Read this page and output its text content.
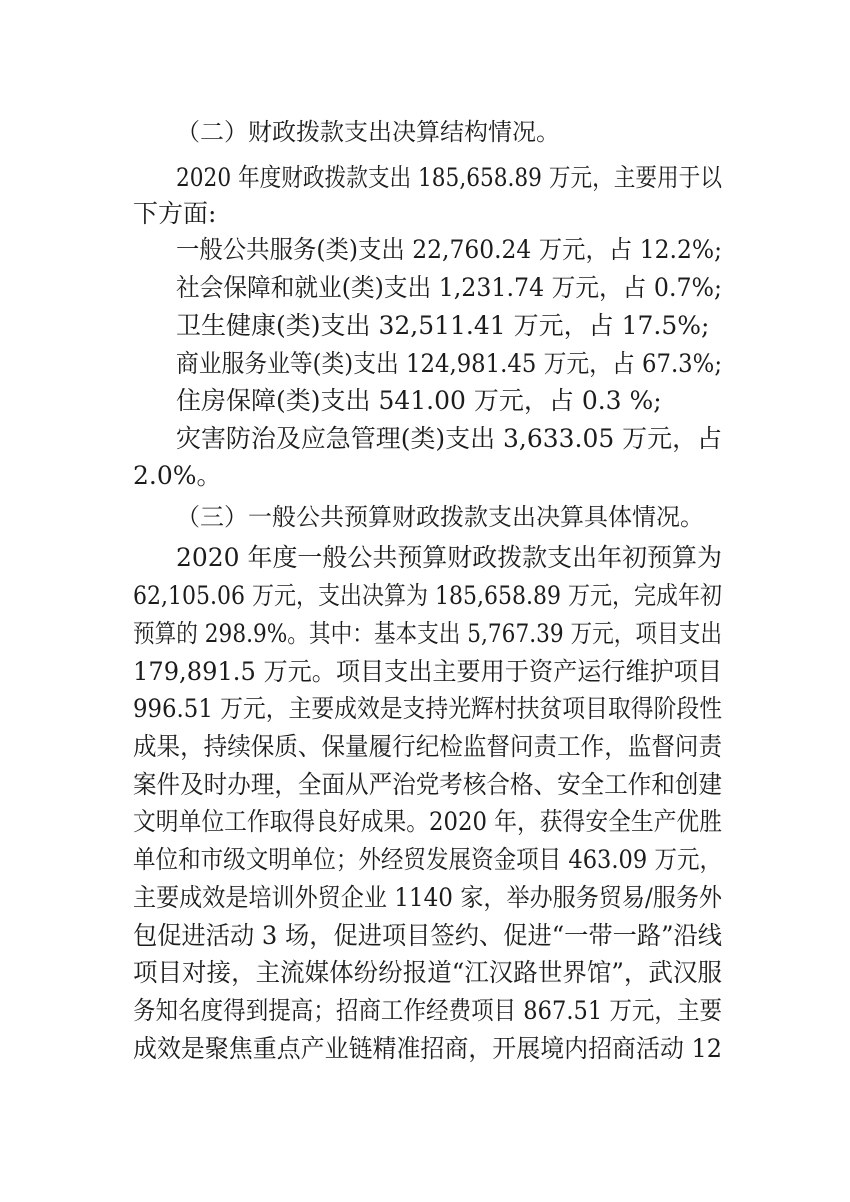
（二）财政拨款支出决算结构情况。

2020 年度财政拨款支出 185,658.89 万元，主要用于以

下方面:

一般公共服务(类)支出 22,760.24 万元，占 12.2%;

社会保障和就业(类)支出 1,231.74 万元，占 0.7%;

卫生健康(类)支出 32,511.41 万元，占 17.5%;

商业服务业等(类)支出 124,981.45 万元，占 67.3%;

住房保障(类)支出 541.00 万元，占 0.3 %;

灾害防治及应急管理(类)支出 3,633.05 万元，占

2.0%。

（三）一般公共预算财政拨款支出决算具体情况。

2020 年度一般公共预算财政拨款支出年初预算为

62,105.06 万元，支出决算为 185,658.89 万元，完成年初

预算的 298.9%。其中：基本支出 5,767.39 万元，项目支出

179,891.5 万元。项目支出主要用于资产运行维护项目

996.51 万元，主要成效是支持光辉村扶贫项目取得阶段性

成果，持续保质、保量履行纪检监督问责工作，监督问责

案件及时办理，全面从严治党考核合格、安全工作和创建

文明单位工作取得良好成果。2020 年，获得安全生产优胜

单位和市级文明单位；外经贸发展资金项目 463.09 万元，

主要成效是培训外贸企业 1140 家，举办服务贸易/服务外

包促进活动 3 场，促进项目签约、促进“一带一路”沿线

项目对接，主流媒体纷纷报道“江汉路世界馆”，武汉服

务知名度得到提高；招商工作经费项目 867.51 万元，主要

成效是聚焦重点产业链精准招商，开展境内招商活动 12
